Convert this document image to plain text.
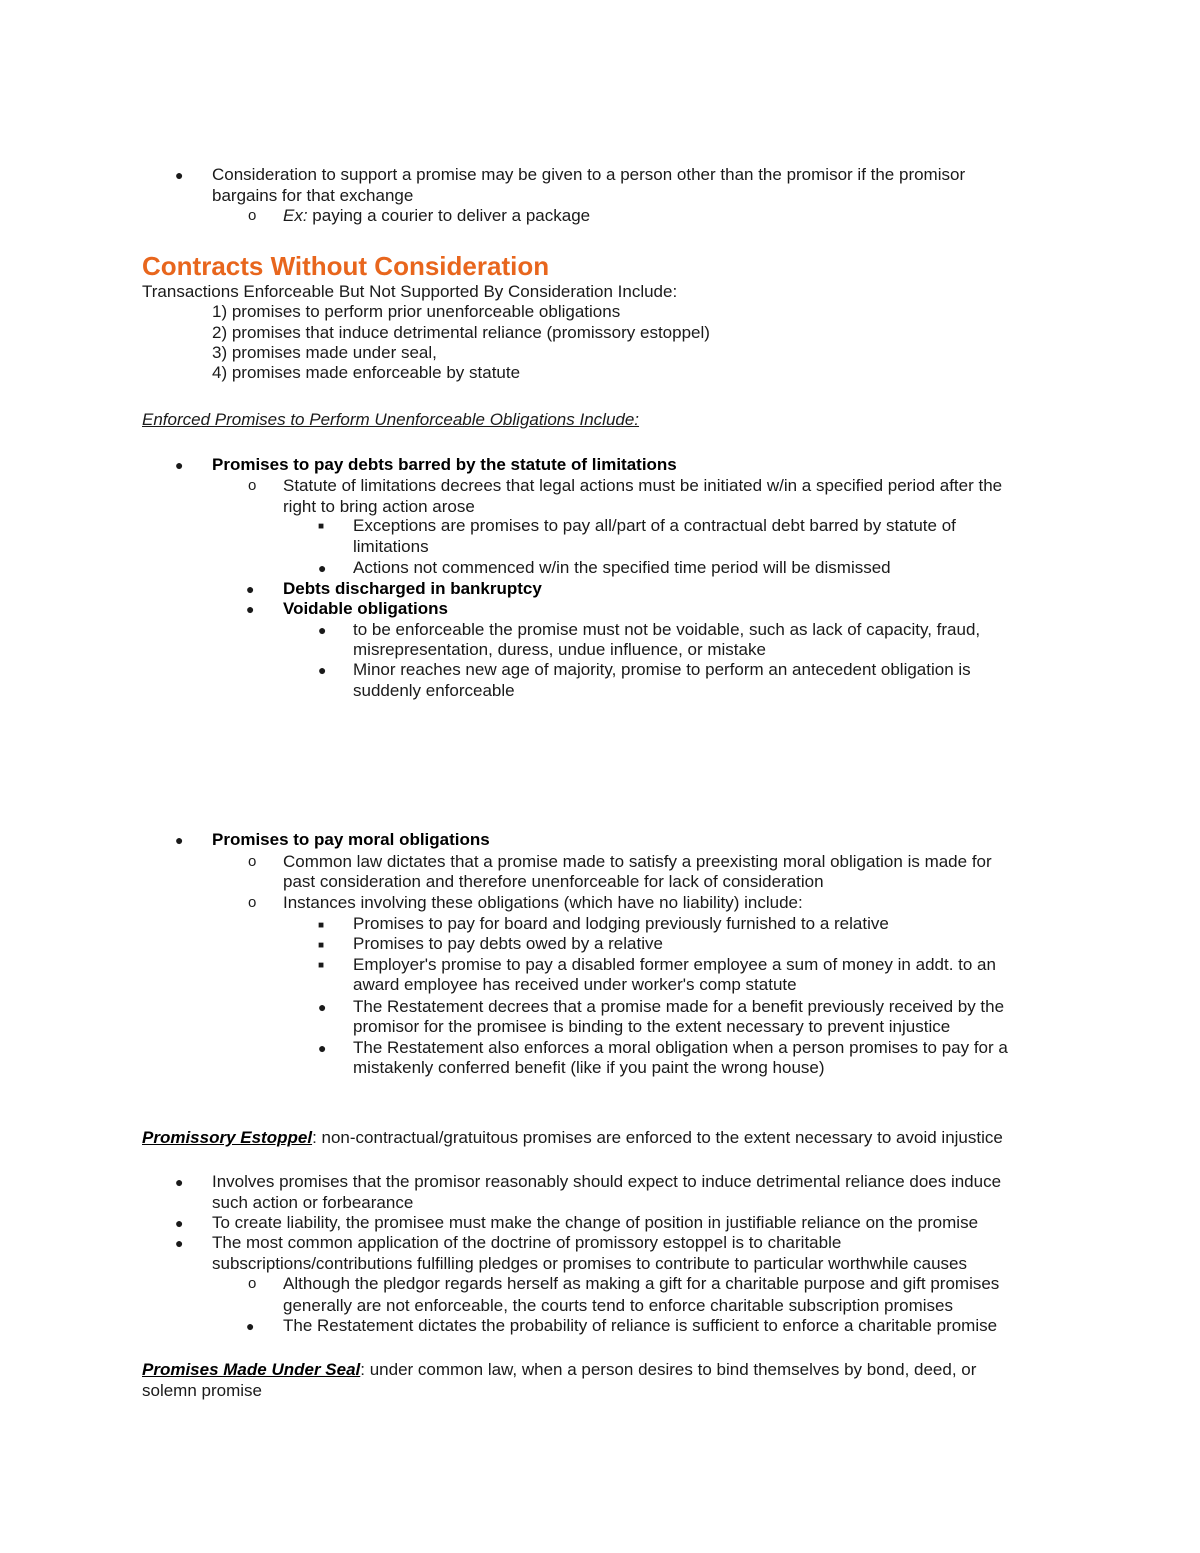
● Consideration to support a promise may be given to a person other than the promisor if the promisor
bargains for that exchange
o Ex: paying a courier to deliver a package
Contracts Without Consideration
Transactions Enforceable But Not Supported By Consideration Include:
1) promises to perform prior unenforceable obligations
2) promises that induce detrimental reliance (promissory estoppel)
3) promises made under seal,
4) promises made enforceable by statute
Enforced Promises to Perform Unenforceable Obligations Include:
● Promises to pay debts barred by the statute of limitations
o Statute of limitations decrees that legal actions must be initiated w/in a specified period after the
right to bring action arose
■ Exceptions are promises to pay all/part of a contractual debt barred by statute of
limitations
● Actions not commenced w/in the specified time period will be dismissed
● Debts discharged in bankruptcy
● Voidable obligations
● to be enforceable the promise must not be voidable, such as lack of capacity, fraud,
misrepresentation, duress, undue influence, or mistake
● Minor reaches new age of majority, promise to perform an antecedent obligation is
suddenly enforceable
● Promises to pay moral obligations
o Common law dictates that a promise made to satisfy a preexisting moral obligation is made for
past consideration and therefore unenforceable for lack of consideration
o Instances involving these obligations (which have no liability) include:
■ Promises to pay for board and lodging previously furnished to a relative
■ Promises to pay debts owed by a relative
■ Employer's promise to pay a disabled former employee a sum of money in addt. to an
award employee has received under worker's comp statute
● The Restatement decrees that a promise made for a benefit previously received by the
promisor for the promisee is binding to the extent necessary to prevent injustice
● The Restatement also enforces a moral obligation when a person promises to pay for a
mistakenly conferred benefit (like if you paint the wrong house)
Promissory Estoppel: non-contractual/gratuitous promises are enforced to the extent necessary to avoid injustice
● Involves promises that the promisor reasonably should expect to induce detrimental reliance does induce
such action or forbearance
● To create liability, the promisee must make the change of position in justifiable reliance on the promise
● The most common application of the doctrine of promissory estoppel is to charitable
subscriptions/contributions fulfilling pledges or promises to contribute to particular worthwhile causes
o Although the pledgor regards herself as making a gift for a charitable purpose and gift promises
generally are not enforceable, the courts tend to enforce charitable subscription promises
● The Restatement dictates the probability of reliance is sufficient to enforce a charitable promise
Promises Made Under Seal: under common law, when a person desires to bind themselves by bond, deed, or
solemn promise
